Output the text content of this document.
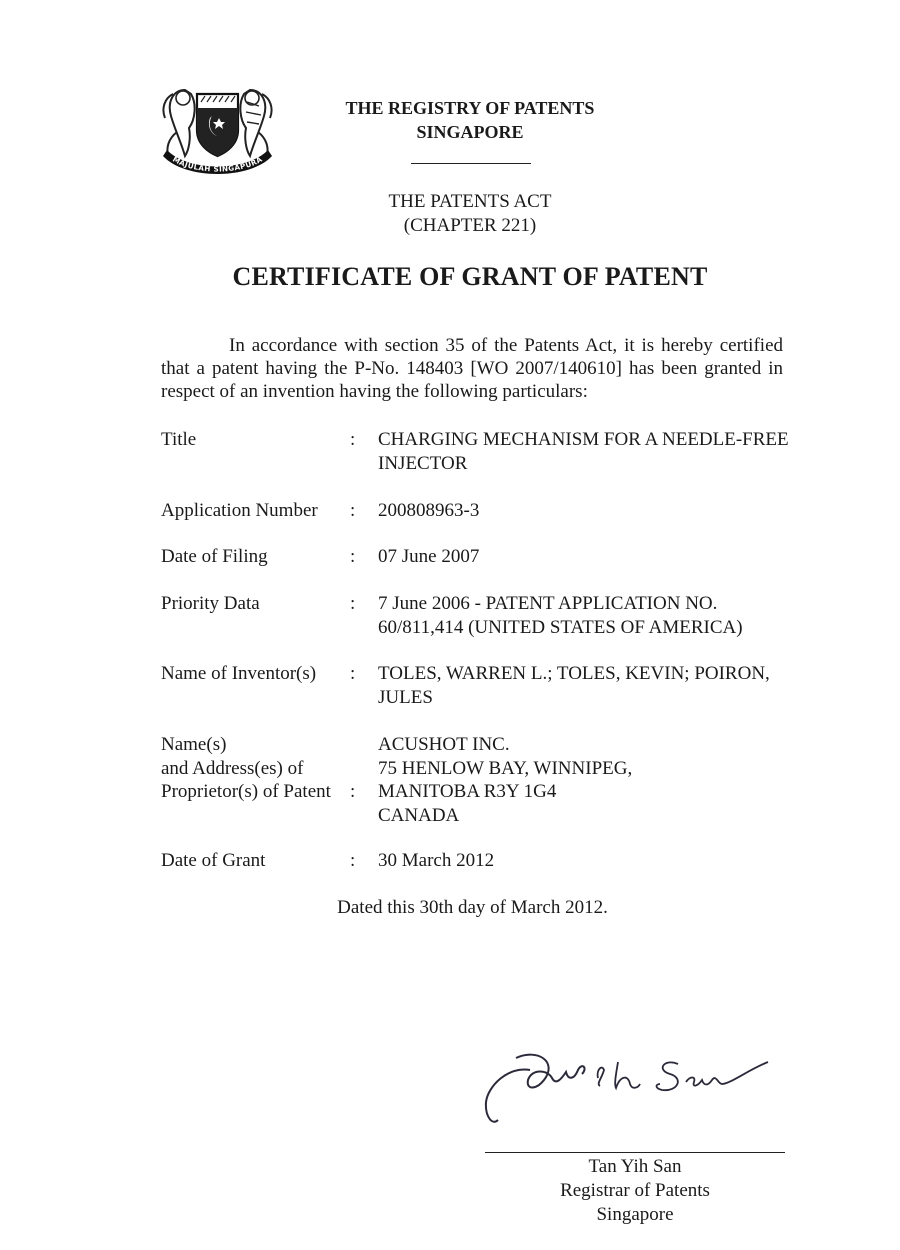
MAJULAH SINGAPURA
THE REGISTRY OF PATENTS
SINGAPORE
THE PATENTS ACT
(CHAPTER 221)
CERTIFICATE OF GRANT OF PATENT
In accordance with section 35 of the Patents Act, it is hereby certified that a patent having the P-No. 148403 [WO 2007/140610] has been granted in respect of an invention having the following particulars:
Title	: CHARGING MECHANISM FOR A NEEDLE-FREE
INJECTOR
Application Number	: 200808963-3
Date of Filing	: 07 June 2007
Priority Data	: 7 June 2006 - PATENT APPLICATION NO.
60/811,414 (UNITED STATES OF AMERICA)
Name of Inventor(s)	: TOLES, WARREN L.; TOLES, KEVIN; POIRON,
JULES
Name(s)
and Address(es) of
Proprietor(s) of Patent	:
ACUSHOT INC.
75 HENLOW BAY, WINNIPEG,
MANITOBA R3Y 1G4
CANADA
Date of Grant	: 30 March 2012
Dated this 30th day of March 2012.
Tan Yih San
Registrar of Patents
Singapore
